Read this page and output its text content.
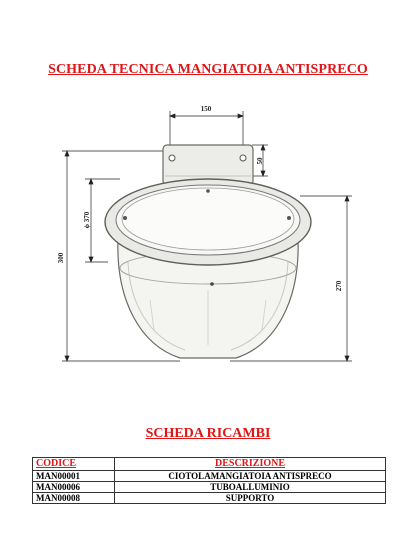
SCHEDA TECNICA MANGIATOIA ANTISPRECO
150
50
ϕ 370
300
270
SCHEDA RICAMBI
CODICE	DESCRIZIONE
MAN00001	CIOTOLAMANGIATOIA ANTISPRECO
MAN00006	TUBOALLUMINIO
MAN00008	SUPPORTO
